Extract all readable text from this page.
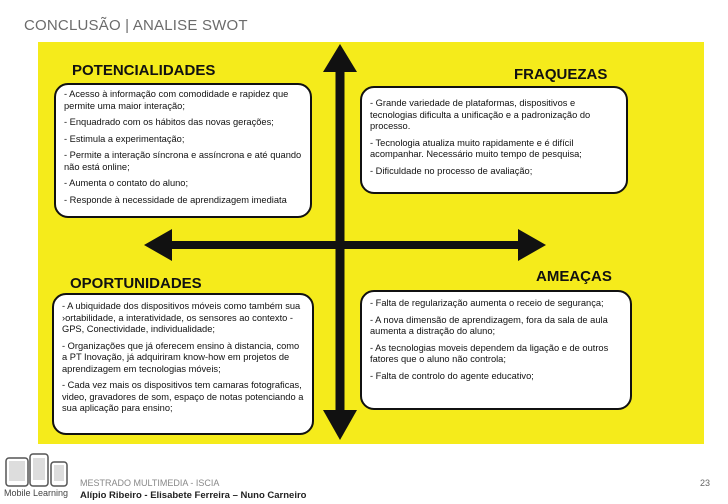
CONCLUSÃO | ANALISE SWOT
POTENCIALIDADES	FRAQUEZAS
OPORTUNIDADES	AMEAÇAS
- Acesso à informação com comodidade e rapidez que permite uma maior interação;
- Enquadrado com os hábitos das novas gerações;
- Estimula a experimentação;
- Permite a interação síncrona e assíncrona e até quando não está online;
- Aumenta o contato do aluno;
- Responde à necessidade de aprendizagem imediata
- Grande variedade de plataformas, dispositivos e tecnologias dificulta a unificação e a padronização do processo.
- Tecnologia atualiza muito rapidamente e é difícil acompanhar. Necessário muito tempo de pesquisa;
- Dificuldade no processo de avaliação;
- A ubiquidade dos dispositivos móveis como também sua ›ortabilidade, a interatividade, os sensores ao contexto - GPS, Conectividade, individualidade;
- Organizações que já oferecem ensino à distancia, como a PT Inovação, já adquiriram know-how em projetos de aprendizagem em tecnologias móveis;
- Cada vez mais os dispositivos tem camaras fotograficas, video, gravadores de som, espaço de notas potenciando a sua aplicação para ensino;
- Falta de regularização aumenta o receio de segurança;
- A nova dimensão de aprendizagem, fora da sala de aula aumenta a distração do aluno;
- As tecnologias moveis dependem da ligação e de outros fatores que o aluno não controla;
- Falta de controlo do agente educativo;
Mobile Learning
MESTRADO MULTIMEDIA - ISCIA
Alípio Ribeiro - Elisabete Ferreira – Nuno Carneiro
23
